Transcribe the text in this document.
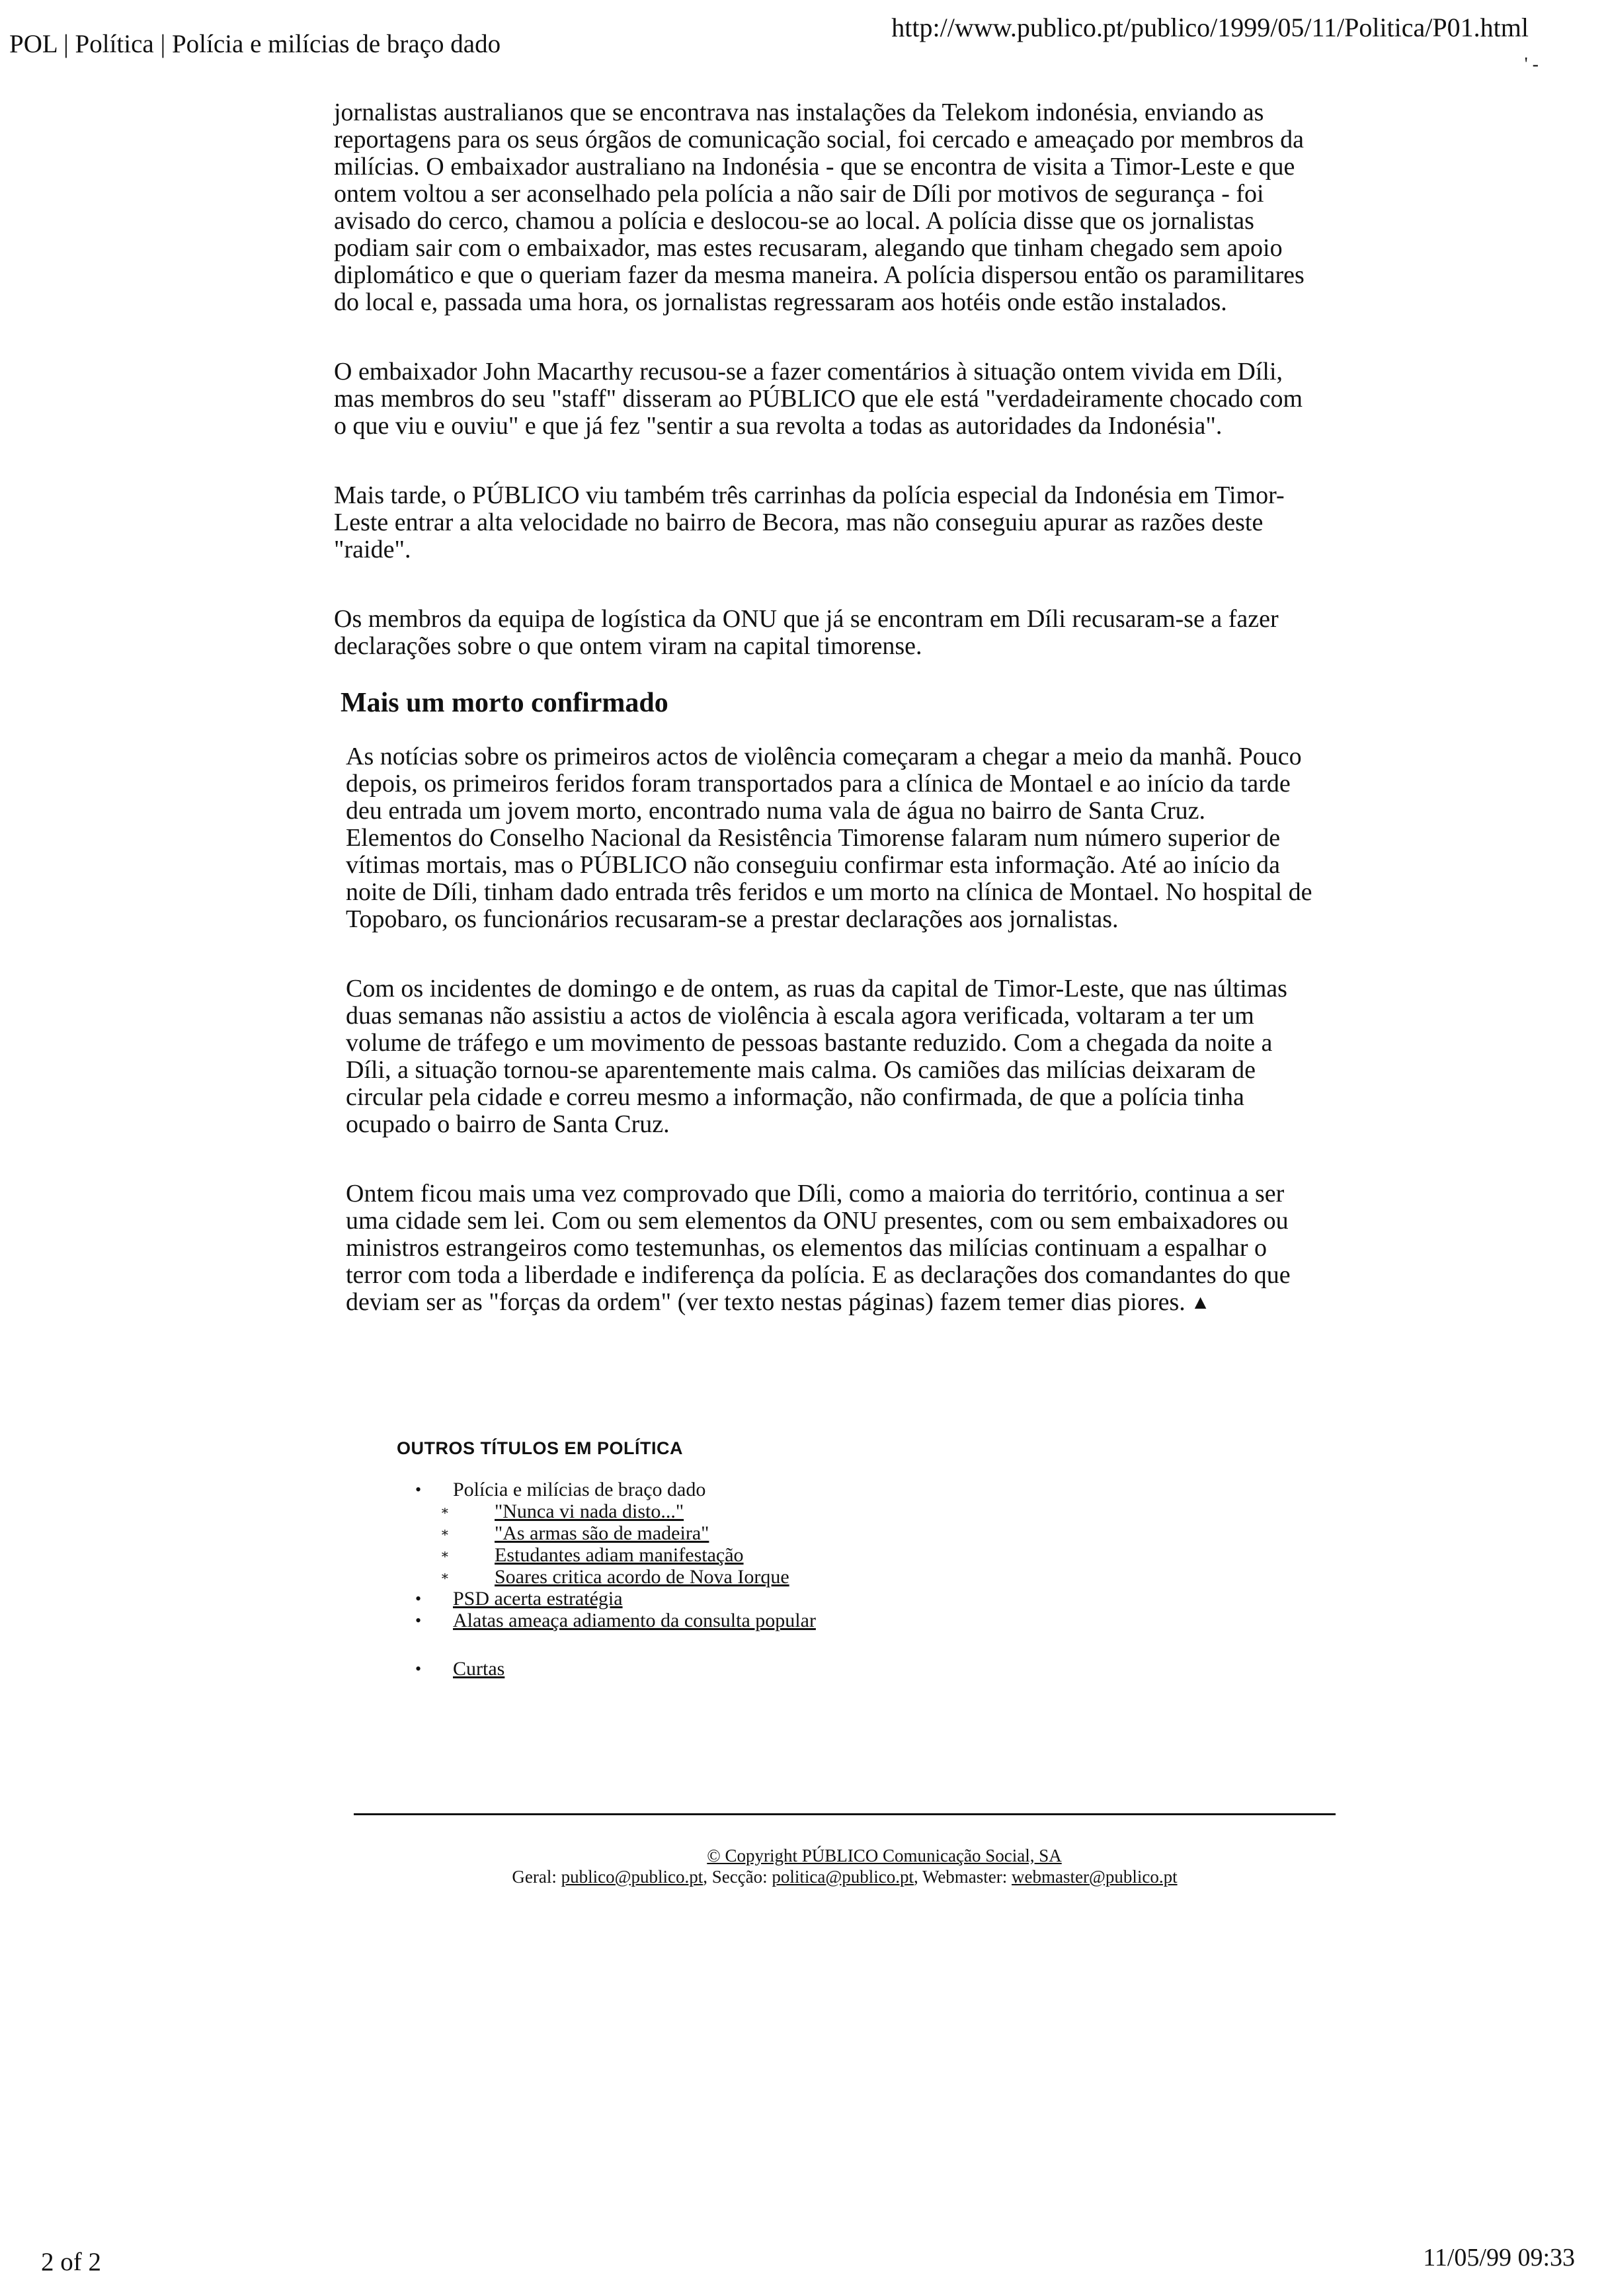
POL | Política | Polícia e milícias de braço dado
http://www.publico.pt/publico/1999/05/11/Politica/P01.html
' -

jornalistas australianos que se encontrava nas instalações da Telekom indonésia, enviando as reportagens para os seus órgãos de comunicação social, foi cercado e ameaçado por membros da milícias. O embaixador australiano na Indonésia - que se encontra de visita a Timor-Leste e que ontem voltou a ser aconselhado pela polícia a não sair de Díli por motivos de segurança - foi avisado do cerco, chamou a polícia e deslocou-se ao local. A polícia disse que os jornalistas podiam sair com o embaixador, mas estes recusaram, alegando que tinham chegado sem apoio diplomático e que o queriam fazer da mesma maneira. A polícia dispersou então os paramilitares do local e, passada uma hora, os jornalistas regressaram aos hotéis onde estão instalados.

O embaixador John Macarthy recusou-se a fazer comentários à situação ontem vivida em Díli, mas membros do seu "staff" disseram ao PÚBLICO que ele está "verdadeiramente chocado com o que viu e ouviu" e que já fez "sentir a sua revolta a todas as autoridades da Indonésia".

Mais tarde, o PÚBLICO viu também três carrinhas da polícia especial da Indonésia em Timor-Leste entrar a alta velocidade no bairro de Becora, mas não conseguiu apurar as razões deste "raide".

Os membros da equipa de logística da ONU que já se encontram em Díli recusaram-se a fazer declarações sobre o que ontem viram na capital timorense.

Mais um morto confirmado

As notícias sobre os primeiros actos de violência começaram a chegar a meio da manhã. Pouco depois, os primeiros feridos foram transportados para a clínica de Montael e ao início da tarde deu entrada um jovem morto, encontrado numa vala de água no bairro de Santa Cruz. Elementos do Conselho Nacional da Resistência Timorense falaram num número superior de vítimas mortais, mas o PÚBLICO não conseguiu confirmar esta informação. Até ao início da noite de Díli, tinham dado entrada três feridos e um morto na clínica de Montael. No hospital de Topobaro, os funcionários recusaram-se a prestar declarações aos jornalistas.

Com os incidentes de domingo e de ontem, as ruas da capital de Timor-Leste, que nas últimas duas semanas não assistiu a actos de violência à escala agora verificada, voltaram a ter um volume de tráfego e um movimento de pessoas bastante reduzido. Com a chegada da noite a Díli, a situação tornou-se aparentemente mais calma. Os camiões das milícias deixaram de circular pela cidade e correu mesmo a informação, não confirmada, de que a polícia tinha ocupado o bairro de Santa Cruz.

Ontem ficou mais uma vez comprovado que Díli, como a maioria do território, continua a ser uma cidade sem lei. Com ou sem elementos da ONU presentes, com ou sem embaixadores ou ministros estrangeiros como testemunhas, os elementos das milícias continuam a espalhar o terror com toda a liberdade e indiferença da polícia. E as declarações dos comandantes do que deviam ser as "forças da ordem" (ver texto nestas páginas) fazem temer dias piores. ▲

OUTROS TÍTULOS EM POLÍTICA
• Polícia e milícias de braço dado
∗ "Nunca vi nada disto..."
∗ "As armas são de madeira"
∗ Estudantes adiam manifestação
∗ Soares critica acordo de Nova Iorque
• PSD acerta estratégia
• Alatas ameaça adiamento da consulta popular
• Curtas
© Copyright PÚBLICO Comunicação Social, SA
Geral: publico@publico.pt, Secção: politica@publico.pt, Webmaster: webmaster@publico.pt
2 of 2	11/05/99 09:33
